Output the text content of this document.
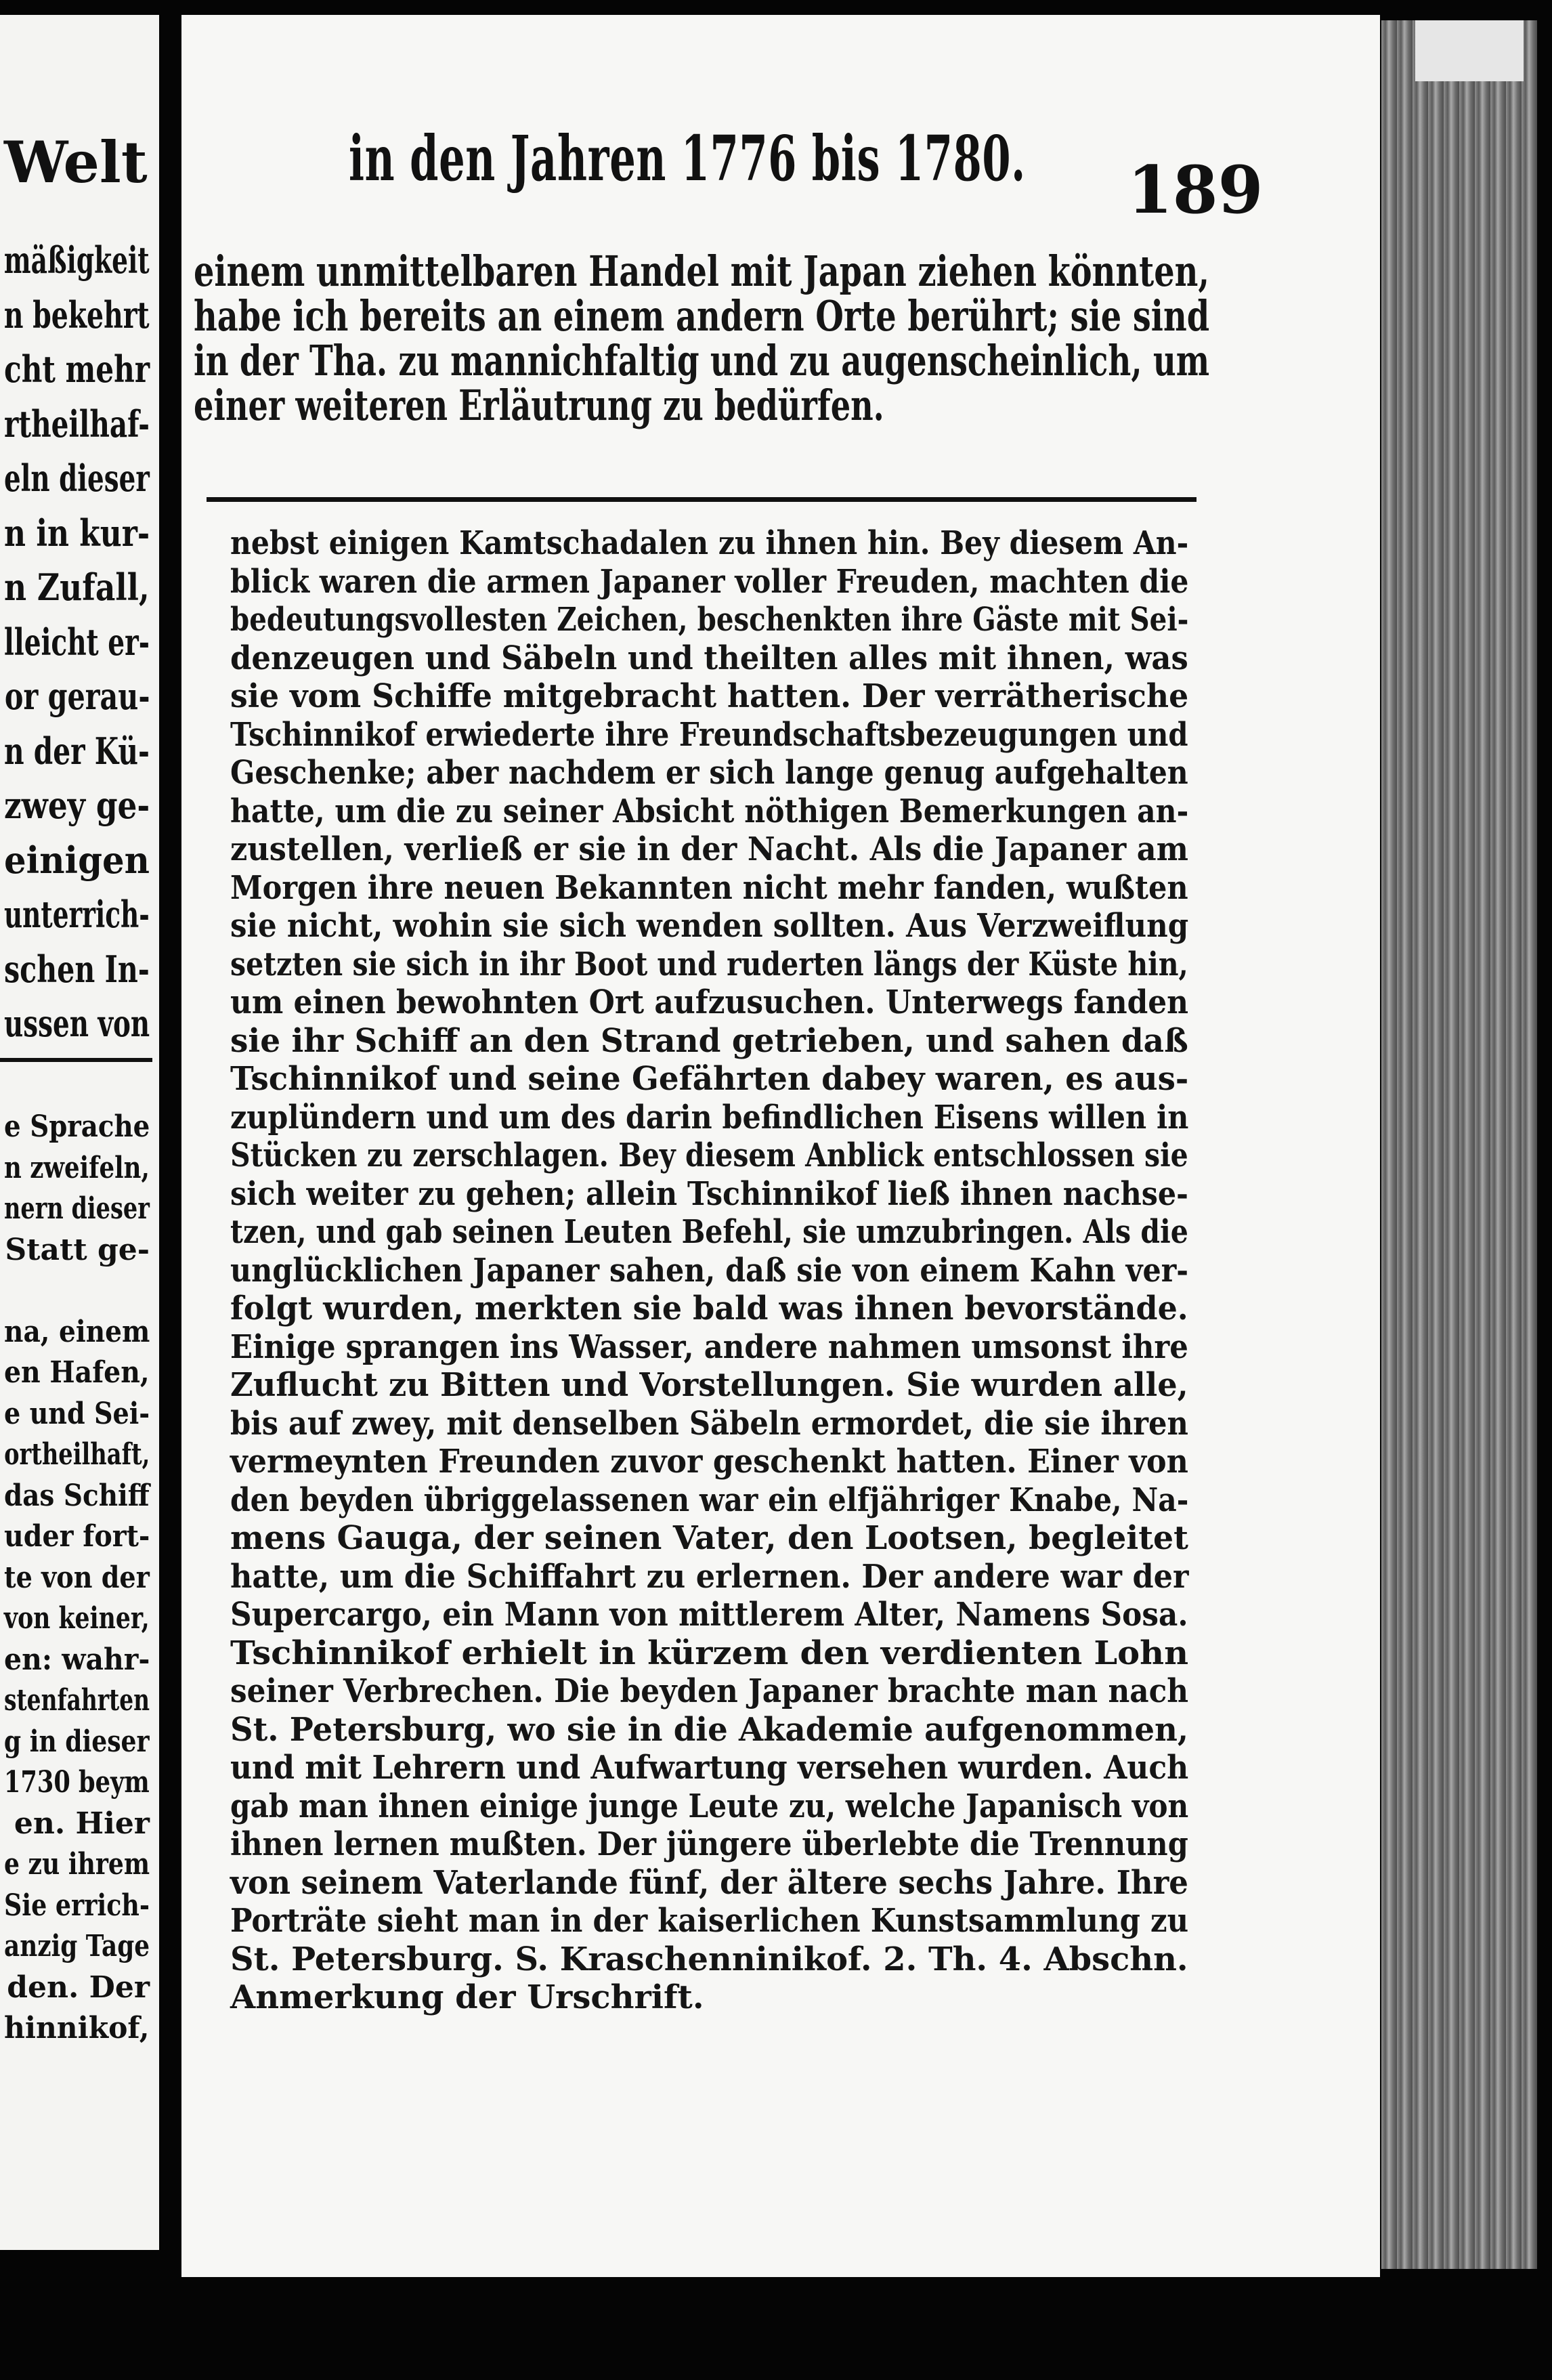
Welt
mäßigkeit
n bekehrt
cht mehr
rtheilhaf-
eln dieser
n in kur-
n Zufall,
lleicht er-
or gerau-
n der Kü-
zwey ge-
einigen
unterrich-
schen In-
ussen von
e Sprache
n zweifeln,
nern dieser
Statt ge-
na, einem
en Hafen,
e und Sei-
ortheilhaft,
das Schiff
uder fort-
te von der
von keiner,
en: wahr-
stenfahrten
g in dieser
1730 beym
en. Hier
e zu ihrem
Sie errich-
anzig Tage
den. Der
hinnikof,
in den Jahren 1776 bis 1780. 189
einem unmittelbaren Handel mit Japan ziehen könnten,
habe ich bereits an einem andern Orte berührt; sie sind
in der Tha. zu mannichfaltig und zu augenscheinlich, um
einer weiteren Erläutrung zu bedürfen.
nebst einigen Kamtschadalen zu ihnen hin. Bey diesem An-
blick waren die armen Japaner voller Freuden, machten die
bedeutungsvollesten Zeichen, beschenkten ihre Gäste mit Sei-
denzeugen und Säbeln und theilten alles mit ihnen, was
sie vom Schiffe mitgebracht hatten. Der verrätherische
Tschinnikof erwiederte ihre Freundschaftsbezeugungen und
Geschenke; aber nachdem er sich lange genug aufgehalten
hatte, um die zu seiner Absicht nöthigen Bemerkungen an-
zustellen, verließ er sie in der Nacht. Als die Japaner am
Morgen ihre neuen Bekannten nicht mehr fanden, wußten
sie nicht, wohin sie sich wenden sollten. Aus Verzweiflung
setzten sie sich in ihr Boot und ruderten längs der Küste hin,
um einen bewohnten Ort aufzusuchen. Unterwegs fanden
sie ihr Schiff an den Strand getrieben, und sahen daß
Tschinnikof und seine Gefährten dabey waren, es aus-
zuplündern und um des darin befindlichen Eisens willen in
Stücken zu zerschlagen. Bey diesem Anblick entschlossen sie
sich weiter zu gehen; allein Tschinnikof ließ ihnen nachse-
tzen, und gab seinen Leuten Befehl, sie umzubringen. Als die
unglücklichen Japaner sahen, daß sie von einem Kahn ver-
folgt wurden, merkten sie bald was ihnen bevorstände.
Einige sprangen ins Wasser, andere nahmen umsonst ihre
Zuflucht zu Bitten und Vorstellungen. Sie wurden alle,
bis auf zwey, mit denselben Säbeln ermordet, die sie ihren
vermeynten Freunden zuvor geschenkt hatten. Einer von
den beyden übriggelassenen war ein elfjähriger Knabe, Na-
mens Gauga, der seinen Vater, den Lootsen, begleitet
hatte, um die Schiffahrt zu erlernen. Der andere war der
Supercargo, ein Mann von mittlerem Alter, Namens Sosa.
Tschinnikof erhielt in kürzem den verdienten Lohn
seiner Verbrechen. Die beyden Japaner brachte man nach
St. Petersburg, wo sie in die Akademie aufgenommen,
und mit Lehrern und Aufwartung versehen wurden. Auch
gab man ihnen einige junge Leute zu, welche Japanisch von
ihnen lernen mußten. Der jüngere überlebte die Trennung
von seinem Vaterlande fünf, der ältere sechs Jahre. Ihre
Porträte sieht man in der kaiserlichen Kunstsammlung zu
St. Petersburg. S. Kraschenninikof. 2. Th. 4. Abschn.
Anmerkung der Urschrift.
